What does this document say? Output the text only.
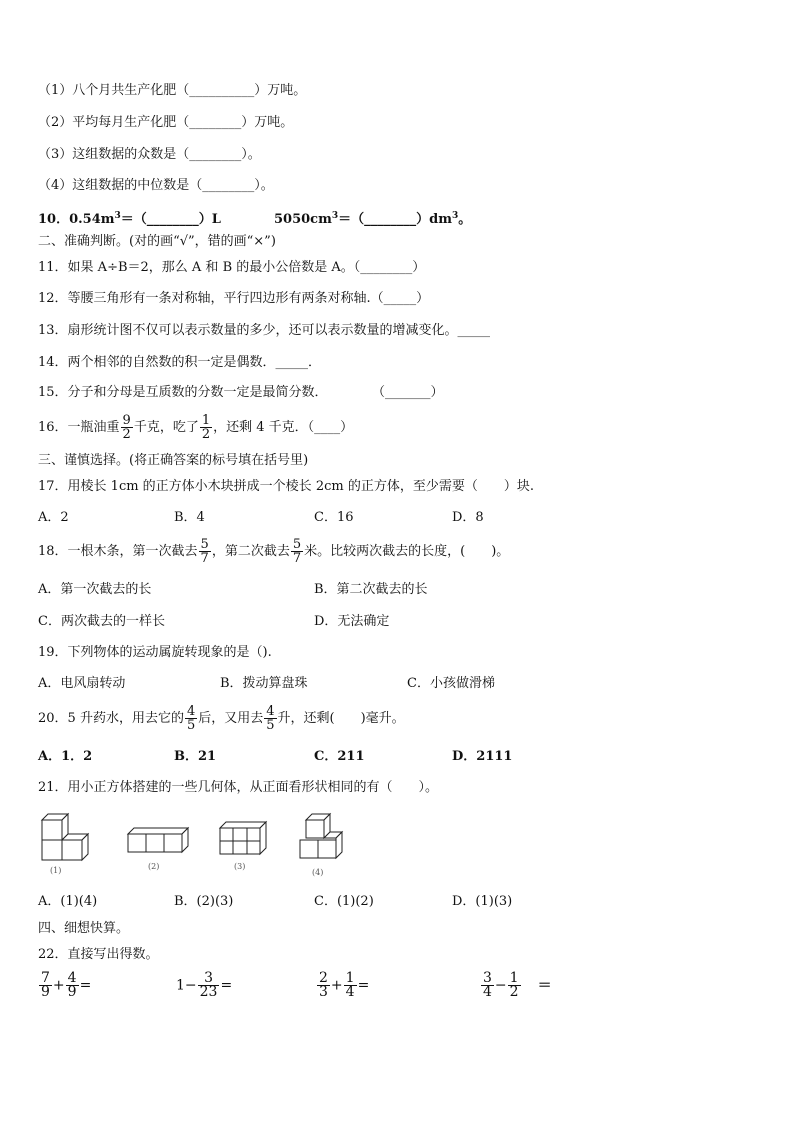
（1）八个月共生产化肥（__________）万吨。
（2）平均每月生产化肥（________）万吨。
（3）这组数据的众数是（________）。
（4）这组数据的中位数是（________）。
10．$0.54m^3=(\_\_\_\_\_\_\_\_)L$	$5050cm^3=(\_\_\_\_\_\_\_\_)dm^3$。
二、准确判断。(对的画“√”，错的画“×”)
11．如果 A÷B＝2，那么 A 和 B 的最小公倍数是 A。（________）
12．等腰三角形有一条对称轴，平行四边形有两条对称轴.（_____）
13．扇形统计图不仅可以表示数量的多少，还可以表示数量的增减变化。_____
14．两个相邻的自然数的积一定是偶数．_____．
15．分子和分母是互质数的分数一定是最简分数．	（_______）
16．一瓶油重 $\frac{9}{2}$ 千克，吃了 $\frac{1}{2}$ ，还剩 4 千克．（____）
三、谨慎选择。(将正确答案的标号填在括号里)
17．用棱长 1cm 的正方体小木块拼成一个棱长 2cm 的正方体，至少需要（　　）块.
A．2	B．4	C．16	D．8
18．一根木条，第一次截去 $\frac{5}{7}$ ，第二次截去 $\frac{5}{7}$ 米。比较两次截去的长度，(　　)。
A．第一次截去的长	B．第二次截去的长
C．两次截去的一样长	D．无法确定
19．下列物体的运动属旋转现象的是（).
A．电风扇转动	B．拨动算盘珠	C．小孩做滑梯
20．5 升药水，用去它的 $\frac{4}{5}$ 后，又用去 $\frac{4}{5}$ 升，还剩(　　)毫升。
A．1．2	B．21	C．211	D．2111
21．用小正方体搭建的一些几何体，从正面看形状相同的有（　　）。
(1)	(2)	(3)
(4)
A．(1)(4)	B．(2)(3)	C．(1)(2)	D．(1)(3)
四、细想快算。
22．直接写出得数。
$\frac{7}{9} + \frac{4}{9}$ =	$1- \frac{3}{23}$ =	$\frac{2}{3} + \frac{1}{4}$ =	$\frac{3}{4} - \frac{1}{2}$ ＝
